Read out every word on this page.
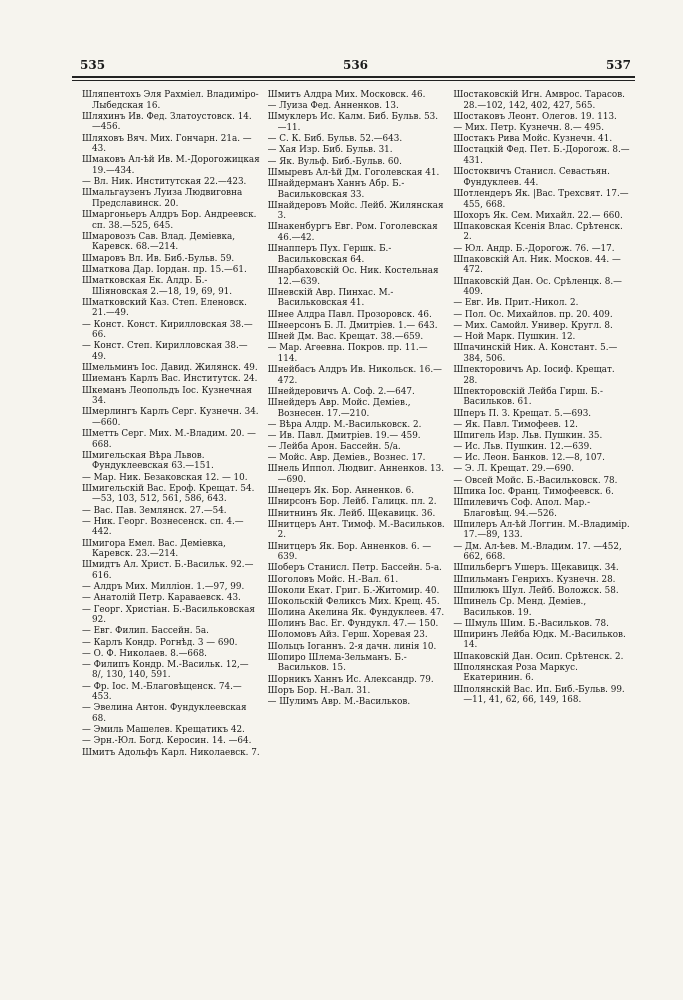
535	536	537
Шляпентохъ Эля Рахміел. Владиміро-Лыбедская 16.
Шляхинъ Ив. Фед. Златоустовск. 14.—456.
Шляховъ Вяч. Мих. Гончарн. 21а. —43.
Шмаковъ Ал-ѣй Ив. М.-Дорогожицкая 19.—434.
— Вл. Ник. Институтская 22.—423.
Шмальгаузенъ Луиза Людвиговна Предславинск. 20.
Шмаргоньеръ Алдръ Бор. Андреевск. сп. 38.—525, 645.
Шмаровозъ Сав. Влад. Деміевка, Каревск. 68.—214.
Шмаровъ Вл. Ив. Биб.-Бульв. 59.
Шматкова Дар. Іордан. пр. 15.—61.
Шматковская Ек. Алдр. Б.-Шіяновская 2.—18, 19, 69, 91.
Шматковский Каз. Степ. Еленовск. 21.—49.
— Конст. Конст. Кирилловская 38.—66.
— Конст. Степ. Кирилловская 38.—49.
Шмельминъ Іос. Давид. Жилянск. 49.
Шиеманъ Карлъ Вас. Институтск. 24.
Шкеманъ Леопольдъ Іос. Кузнечная 34.
Шмерлингъ Карлъ Серг. Кузнечн. 34.—660.
Шметть Серг. Мих. М.-Владим. 20. —668.
Шмигельская Вѣра Львов. Фундуклеевская 63.—151.
— Мар. Ник. Безаковская 12. — 10.
Шмигельскій Вас. Ероф. Крещат. 54.—53, 103, 512, 561, 586, 643.
— Вас. Пав. Землянск. 27.—54.
— Ник. Георг. Вознесенск. сп. 4.—442.
Шмигора Емел. Вас. Деміевка, Каревск. 23.—214.
Шмидтъ Ал. Христ. Б.-Васильк. 92.—616.
— Алдръ Мих. Милліон. 1.—97, 99.
— Анатолій Петр. Караваевск. 43.
— Георг. Христіан. Б.-Васильковская 92.
— Евг. Филип. Бассейн. 5а.
— Карлъ Кондр. Рогнѣд. 3 — 690.
— О. Ф. Николаев. 8.—668.
— Филипъ Кондр. М.-Васильк. 12,—8/, 130, 140, 591.
— Фр. Іос. М.-Благовѣщенск. 74.—453.
— Эвелина Антон. Фундуклеевская 68.
— Эмиль Машелев. Крещатикъ 42.
— Эрн.-Юл. Богд. Керосин. 14. —64.
Шмитъ Адольфъ Карл. Николаевск. 7.
Шмитъ Алдра Мих. Московск. 46.
— Луиза Фед. Анненков. 13.
Шмуклеръ Ис. Калм. Биб. Бульв. 53.—11.
— С. К. Биб. Бульв. 52.—643.
— Хая Изр. Биб. Бульв. 31.
— Як. Вульф. Биб.-Бульв. 60.
Шмыревъ Ал-ѣй Дм. Гоголевская 41.
Шнайдерманъ Ханнъ Абр. Б.-Васильковская 33.
Шнайдеровъ Мойс. Лейб. Жилянская 3.
Шнакенбургъ Евг. Ром. Гоголевская 46.—42.
Шнапперъ Пух. Гершк. Б.-Васильковская 64.
Шнарбаховскій Ос. Ник. Костельная 12.—639.
Шневскій Авр. Пинхас. М.-Васильковская 41.
Шнее Алдра Павл. Прозоровск. 46.
Шнеерсонъ Б. Л. Дмитріев. 1.— 643.
Шней Дм. Вас. Крещат. 38.—659.
— Мар. Агѳевна. Покров. пр. 11.—114.
Шнейбасъ Алдръ Ив. Никольск. 16.—472.
Шнейдеровичъ А. Соф. 2.—647.
Шнейдеръ Авр. Мойс. Деміев., Вознесен. 17.—210.
— Вѣра Алдр. М.-Васильковск. 2.
— Ив. Павл. Дмитріев. 19.— 459.
— Лейба Арон. Бассейн. 5/а.
— Мойс. Авр. Деміев., Вознес. 17.
Шнель Иппол. Людвиг. Анненков. 13.—690.
Шнецеръ Як. Бор. Анненков. 6.
Шнирсонъ Бор. Лейб. Галицк. пл. 2.
Шнитнинъ Як. Лейб. Щекавицк. 36.
Шнитцеръ Ант. Тимоф. М.-Васильков. 2.
Шнитцеръ Як. Бор. Анненков. 6. —639.
Шоберъ Станисл. Петр. Бассейн. 5-а.
Шоголовъ Мойс. Н.-Вал. 61.
Шоколи Екат. Григ. Б.-Житомир. 40.
Шокольскій Феликсъ Мих. Крещ. 45.
Шолина Акелина Як. Фундуклеев. 47.
Шолинъ Вас. Ег. Фундукл. 47.— 150.
Шоломовъ Айз. Герш. Хоревая 23.
Шольцъ Іоганнъ. 2-я дачн. линія 10.
Шопиро Шлема-Зельманъ. Б.-Васильков. 15.
Шорникъ Ханнъ Ис. Александр. 79.
Шоръ Бор. Н.-Вал. 31.
— Шулимъ Авр. М.-Васильков.
Шостаковскій Игн. Амврос. Тарасов. 28.—102, 142, 402, 427, 565.
Шостаковъ Леонт. Олегов. 19. 113.
— Мих. Петр. Кузнечн. 8.— 495.
Шостакъ Рива Мойс. Кузнечн. 41.
Шостацкій Фед. Пет. Б.-Дорогож. 8.—431.
Шостоквичъ Станисл. Севастьян. Фундуклеев. 44.
Шотлендеръ Як. |Вас. Трехсвят. 17.—455, 668.
Шохоръ Як. Сем. Михайл. 22.— 660.
Шпаковская Ксенія Влас. Срѣтенск. 2.
— Юл. Андр. Б.-Дорогож. 76. —17.
Шпаковскій Ал. Ник. Москов. 44. —472.
Шпаковскій Дан. Ос. Срѣленцк. 8.—409.
— Евг. Ив. Прит.-Никол. 2.
— Пол. Ос. Михайлов. пр. 20. 409.
— Мих. Самойл. Универ. Кругл. 8.
— Ной Марк. Пушкин. 12.
Шпачинскій Ник. А. Констант. 5.—384, 506.
Шпекторовичъ Ар. Іосиф. Крещат. 28.
Шпекторовскій Лейба Гирш. Б.-Васильков. 61.
Шперъ П. З. Крещат. 5.—693.
— Як. Павл. Тимофеев. 12.
Шпигель Изр. Льв. Пушкин. 35.
— Ис. Льв. Пушкин. 12.—639.
— Ис. Леон. Банков. 12.—8, 107.
— Э. Л. Крещат. 29.—690.
— Овсей Мойс. Б.-Васильковск. 78.
Шпика Іос. Франц. Тимофеевск. 6.
Шпилевичъ Соф. Апол. Мар.-Благовѣщ. 94.—526.
Шпилеръ Ал-ѣй Логгин. М.-Владимір. 17.—89, 133.
— Дм. Ал-ѣев. М.-Владим. 17. —452, 662, 668.
Шпильбергъ Ушеръ. Щекавицк. 34.
Шпильманъ Генрихъ. Кузнечн. 28.
Шпилюкъ Шул. Лейб. Воложск. 58.
Шпинель Ср. Менд. Деміев., Васильков. 19.
— Шмуль Шим. Б.-Васильков. 78.
Шпиринъ Лейба Юдк. М.-Васильков. 14.
Шпаковскій Дан. Осип. Срѣтенск. 2.
Шполянская Роза Маркус. Екатеринин. 6.
Шполянскій Вас. Ип. Биб.-Бульв. 99.—11, 41, 62, 66, 149, 168.
